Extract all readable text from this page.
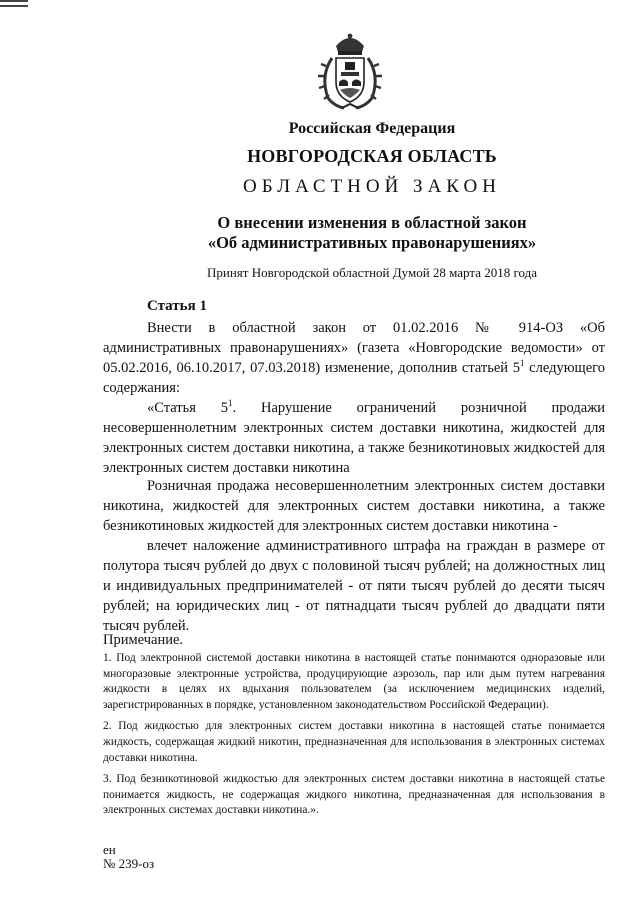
Российская Федерация
НОВГОРОДСКАЯ ОБЛАСТЬ
ОБЛАСТНОЙ ЗАКОН
О внесении изменения в областной закон
«Об административных правонарушениях»
Принят Новгородской областной Думой 28 марта 2018 года
Статья 1

Внести в областной закон от 01.02.2016 № 914-ОЗ «Об административных правонарушениях» (газета «Новгородские ведомости» от 05.02.2016, 06.10.2017, 07.03.2018) изменение, дополнив статьей $5^1$ следующего содержания:

«Статья $5^1$. Нарушение ограничений розничной продажи несовершеннолетним электронных систем доставки никотина, жидкостей для электронных систем доставки никотина, а также безникотиновых жидкостей для электронных систем доставки никотина

Розничная продажа несовершеннолетним электронных систем доставки никотина, жидкостей для электронных систем доставки никотина, а также безникотиновых жидкостей для электронных систем доставки никотина -

влечет наложение административного штрафа на граждан в размере от полутора тысяч рублей до двух с половиной тысяч рублей; на должностных лиц и индивидуальных предпринимателей - от пяти тысяч рублей до десяти тысяч рублей; на юридических лиц - от пятнадцати тысяч рублей до двадцати пяти тысяч рублей.

Примечание.

1. Под электронной системой доставки никотина в настоящей статье понимаются одноразовые или многоразовые электронные устройства, продуцирующие аэрозоль, пар или дым путем нагревания жидкости в целях их вдыхания пользователем (за исключением медицинских изделий, зарегистрированных в порядке, установленном законодательством Российской Федерации).

2. Под жидкостью для электронных систем доставки никотина в настоящей статье понимается жидкость, содержащая жидкий никотин, предназначенная для использования в электронных системах доставки никотина.

3. Под безникотиновой жидкостью для электронных систем доставки никотина в настоящей статье понимается жидкость, не содержащая жидкого никотина, предназначенная для использования в электронных системах доставки никотина.».

ен
№ 239-оз
